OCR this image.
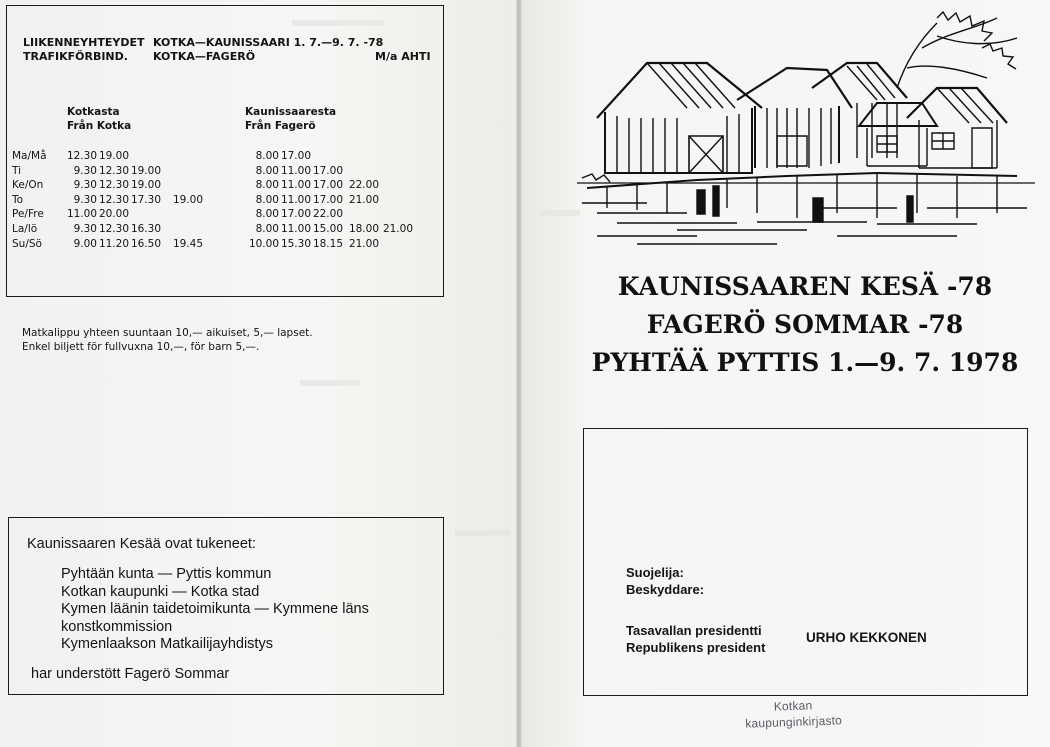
LIIKENNEYHTEYDET KOTKA—KAUNISSAARI 1. 7.—9. 7. -78
TRAFIKFÖRBIND. KOTKA—FAGERÖ	M/a AHTI
Kotkasta
Från Kotka
Kaunissaaresta
Från Fagerö
Ma/Må
Ti
Ke/On
To
Pe/Fre
La/lö
Su/Sö
12.30 19.00
9.30 12.30 19.00
9.30 12.30 19.00
9.30 12.30 17.30 19.00
11.00 20.00
9.30 12.30 16.30
9.00 11.20 16.50 19.45
8.00 17.00
8.00 11.00 17.00
8.00 11.00 17.00 22.00
8.00 11.00 17.00 21.00
8.00 17.00 22.00
8.00 11.00 15.00 18.00 21.00
10.00 15.30 18.15 21.00
Matkalippu yhteen suuntaan 10,— aikuiset, 5,— lapset.
Enkel biljett för fullvuxna 10,—, för barn 5,—.
Kaunissaaren Kesää ovat tukeneet:
Pyhtään kunta — Pyttis kommun
Kotkan kaupunki — Kotka stad
Kymen läänin taidetoimikunta — Kymmene läns
konstkommission
Kymenlaakson Matkailijayhdistys
har understött Fagerö Sommar
KAUNISSAAREN KESÄ -78
FAGERÖ SOMMAR -78
PYHTÄÄ PYTTIS 1.—9. 7. 1978
Suojelija:
Beskyddare:
Tasavallan presidentti
Republikens president
URHO KEKKONEN
Kotkan
kaupunginkirjasto
